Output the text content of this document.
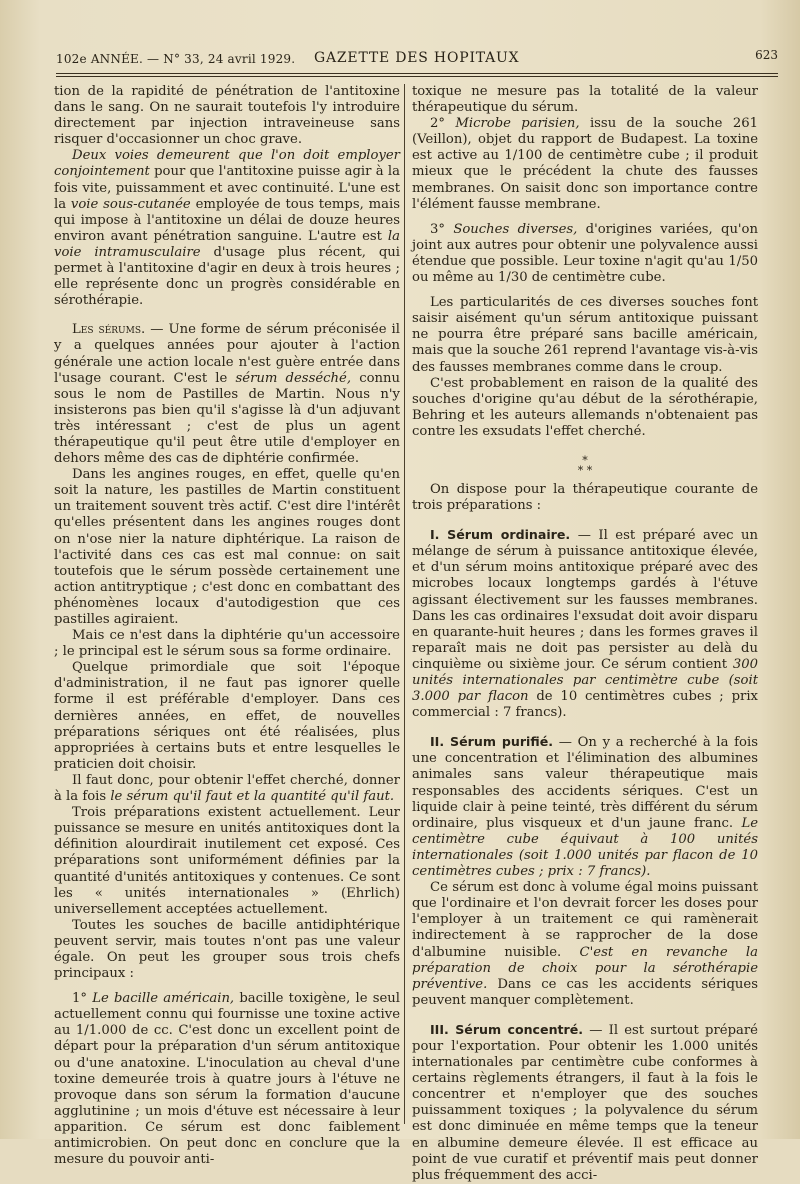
102e ANNÉE. — N° 33, 24 avril 1929. GAZETTE DES HOPITAUX	623

tion de la rapidité de pénétration de l'antitoxine dans le sang. On ne saurait toutefois l'y introduire directement par injection intraveineuse sans risquer d'occasionner un choc grave.

Deux voies demeurent que l'on doit employer conjointement pour que l'antitoxine puisse agir à la fois vite, puissamment et avec continuité. L'une est la voie sous-cutanée employée de tous temps, mais qui impose à l'antitoxine un délai de douze heures environ avant pénétration sanguine. L'autre est la voie intramusculaire d'usage plus récent, qui permet à l'antitoxine d'agir en deux à trois heures ; elle représente donc un progrès considérable en sérothérapie.

Les sérums. — Une forme de sérum préconisée il y a quelques années pour ajouter à l'action générale une action locale n'est guère entrée dans l'usage courant. C'est le sérum desséché, connu sous le nom de Pastilles de Martin. Nous n'y insisterons pas bien qu'il s'agisse là d'un adjuvant très intéressant ; c'est de plus un agent thérapeutique qu'il peut être utile d'employer en dehors même des cas de diphtérie confirmée.

Dans les angines rouges, en effet, quelle qu'en soit la nature, les pastilles de Martin constituent un traitement souvent très actif. C'est dire l'intérêt qu'elles présentent dans les angines rouges dont on n'ose nier la nature diphtérique. La raison de l'activité dans ces cas est mal connue: on sait toutefois que le sérum possède certainement une action antitryptique ; c'est donc en combattant des phénomènes locaux d'autodigestion que ces pastilles agiraient.

Mais ce n'est dans la diphtérie qu'un accessoire ; le principal est le sérum sous sa forme ordinaire.

Quelque primordiale que soit l'époque d'administration, il ne faut pas ignorer quelle forme il est préférable d'employer. Dans ces dernières années, en effet, de nouvelles préparations sériques ont été réalisées, plus appropriées à certains buts et entre lesquelles le praticien doit choisir.

Il faut donc, pour obtenir l'effet cherché, donner à la fois le sérum qu'il faut et la quantité qu'il faut.

Trois préparations existent actuellement. Leur puissance se mesure en unités antitoxiques dont la définition alourdirait inutilement cet exposé. Ces préparations sont uniformément définies par la quantité d'unités antitoxiques y contenues. Ce sont les « unités internationales » (Ehrlich) universellement acceptées actuellement.

Toutes les souches de bacille antidiphtérique peuvent servir, mais toutes n'ont pas une valeur égale. On peut les grouper sous trois chefs principaux :

1° Le bacille américain, bacille toxigène, le seul actuellement connu qui fournisse une toxine active au 1/1.000 de cc. C'est donc un excellent point de départ pour la préparation d'un sérum antitoxique ou d'une anatoxine. L'inoculation au cheval d'une toxine demeurée trois à quatre jours à l'étuve ne provoque dans son sérum la formation d'aucune agglutinine ; un mois d'étuve est nécessaire à leur apparition. Ce sérum est donc faiblement antimicrobien. On peut donc en conclure que la mesure du pouvoir anti-

toxique ne mesure pas la totalité de la valeur thérapeutique du sérum.

2° Microbe parisien, issu de la souche 261 (Veillon), objet du rapport de Budapest. La toxine est active au 1/100 de centimètre cube ; il produit mieux que le précédent la chute des fausses membranes. On saisit donc son importance contre l'élément fausse membrane.

3° Souches diverses, d'origines variées, qu'on joint aux autres pour obtenir une polyvalence aussi étendue que possible. Leur toxine n'agit qu'au 1/50 ou même au 1/30 de centimètre cube.

Les particularités de ces diverses souches font saisir aisément qu'un sérum antitoxique puissant ne pourra être préparé sans bacille américain, mais que la souche 261 reprend l'avantage vis-à-vis des fausses membranes comme dans le croup.

C'est probablement en raison de la qualité des souches d'origine qu'au début de la sérothérapie, Behring et les auteurs allemands n'obtenaient pas contre les exsudats l'effet cherché.

*
* *

On dispose pour la thérapeutique courante de trois préparations :

I. Sérum ordinaire. — Il est préparé avec un mélange de sérum à puissance antitoxique élevée, et d'un sérum moins antitoxique préparé avec des microbes locaux longtemps gardés à l'étuve agissant électivement sur les fausses membranes. Dans les cas ordinaires l'exsudat doit avoir disparu en quarante-huit heures ; dans les formes graves il reparaît mais ne doit pas persister au delà du cinquième ou sixième jour. Ce sérum contient 300 unités internationales par centimètre cube (soit 3.000 par flacon de 10 centimètres cubes ; prix commercial : 7 francs).

II. Sérum purifié. — On y a recherché à la fois une concentration et l'élimination des albumines animales sans valeur thérapeutique mais responsables des accidents sériques. C'est un liquide clair à peine teinté, très différent du sérum ordinaire, plus visqueux et d'un jaune franc. Le centimètre cube équivaut à 100 unités internationales (soit 1.000 unités par flacon de 10 centimètres cubes ; prix : 7 francs).

Ce sérum est donc à volume égal moins puissant que l'ordinaire et l'on devrait forcer les doses pour l'employer à un traitement ce qui ramènerait indirectement à se rapprocher de la dose d'albumine nuisible. C'est en revanche la préparation de choix pour la sérothérapie préventive. Dans ce cas les accidents sériques peuvent manquer complètement.

III. Sérum concentré. — Il est surtout préparé pour l'exportation. Pour obtenir les 1.000 unités internationales par centimètre cube conformes à certains règlements étrangers, il faut à la fois le concentrer et n'employer que des souches puissamment toxiques ; la polyvalence du sérum est donc diminuée en même temps que la teneur en albumine demeure élevée. Il est efficace au point de vue curatif et préventif mais peut donner plus fréquemment des acci-
